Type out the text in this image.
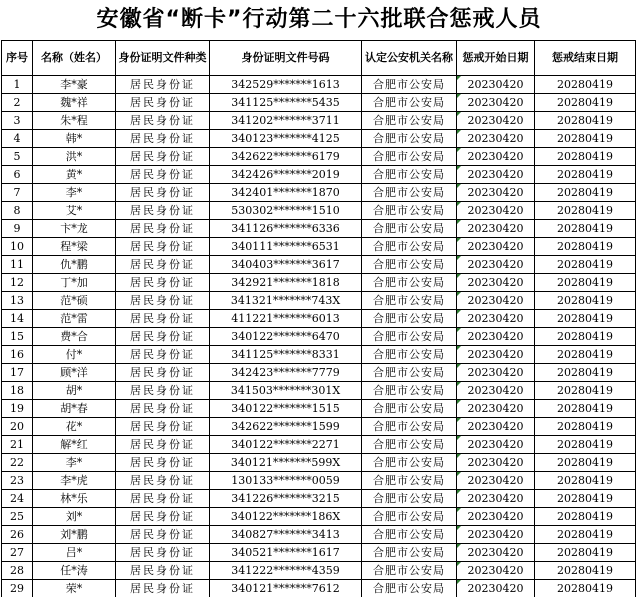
安徽省“断卡”行动第二十六批联合惩戒人员
序号	名称（姓名）	身份证明文件种类	身份证明文件号码	认定公安机关名称	惩戒开始日期	惩戒结束日期
1	李*豪	居民身份证	342529*******1613	合肥市公安局	20230420	20280419
2	魏*祥	居民身份证	341125*******5435	合肥市公安局	20230420	20280419
3	朱*程	居民身份证	341202*******3711	合肥市公安局	20230420	20280419
4	韩*	居民身份证	340123*******4125	合肥市公安局	20230420	20280419
5	洪*	居民身份证	342622*******6179	合肥市公安局	20230420	20280419
6	黄*	居民身份证	342426*******2019	合肥市公安局	20230420	20280419
7	李*	居民身份证	342401*******1870	合肥市公安局	20230420	20280419
8	艾*	居民身份证	530302*******1510	合肥市公安局	20230420	20280419
9	卞*龙	居民身份证	341126*******6336	合肥市公安局	20230420	20280419
10	程*梁	居民身份证	340111*******6531	合肥市公安局	20230420	20280419
11	仇*鹏	居民身份证	340403*******3617	合肥市公安局	20230420	20280419
12	丁*加	居民身份证	342921*******1818	合肥市公安局	20230420	20280419
13	范*硕	居民身份证	341321*******743X	合肥市公安局	20230420	20280419
14	范*雷	居民身份证	411221*******6013	合肥市公安局	20230420	20280419
15	费*合	居民身份证	340122*******6470	合肥市公安局	20230420	20280419
16	付*	居民身份证	341125*******8331	合肥市公安局	20230420	20280419
17	顾*洋	居民身份证	342423*******7779	合肥市公安局	20230420	20280419
18	胡*	居民身份证	341503*******301X	合肥市公安局	20230420	20280419
19	胡*春	居民身份证	340122*******1515	合肥市公安局	20230420	20280419
20	花*	居民身份证	342622*******1599	合肥市公安局	20230420	20280419
21	解*红	居民身份证	340122*******2271	合肥市公安局	20230420	20280419
22	李*	居民身份证	340121*******599X	合肥市公安局	20230420	20280419
23	李*虎	居民身份证	130133*******0059	合肥市公安局	20230420	20280419
24	林*乐	居民身份证	341226*******3215	合肥市公安局	20230420	20280419
25	刘*	居民身份证	340122*******186X	合肥市公安局	20230420	20280419
26	刘*鹏	居民身份证	340827*******3413	合肥市公安局	20230420	20280419
27	吕*	居民身份证	340521*******1617	合肥市公安局	20230420	20280419
28	任*涛	居民身份证	341222*******4359	合肥市公安局	20230420	20280419
29	荣*	居民身份证	340121*******7612	合肥市公安局	20230420	20280419
